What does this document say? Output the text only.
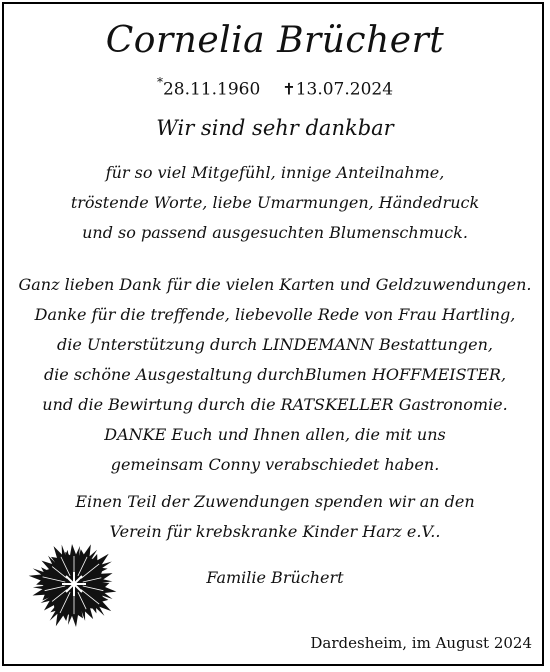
Cornelia Brüchert
*28.11.1960 ✝13.07.2024
Wir sind sehr dankbar
für so viel Mitgefühl, innige Anteilnahme,
tröstende Worte, liebe Umarmungen, Händedruck
und so passend ausgesuchten Blumenschmuck.
Ganz lieben Dank für die vielen Karten und Geldzuwendungen.
Danke für die treffende, liebevolle Rede von Frau Hartling,
die Unterstützung durch LINDEMANN Bestattungen,
die schöne Ausgestaltung durchBlumen HOFFMEISTER,
und die Bewirtung durch die RATSKELLER Gastronomie.
DANKE Euch und Ihnen allen, die mit uns
gemeinsam Conny verabschiedet haben.
Einen Teil der Zuwendungen spenden wir an den
Verein für krebskranke Kinder Harz e.V..
Familie Brüchert
Dardesheim, im August 2024
